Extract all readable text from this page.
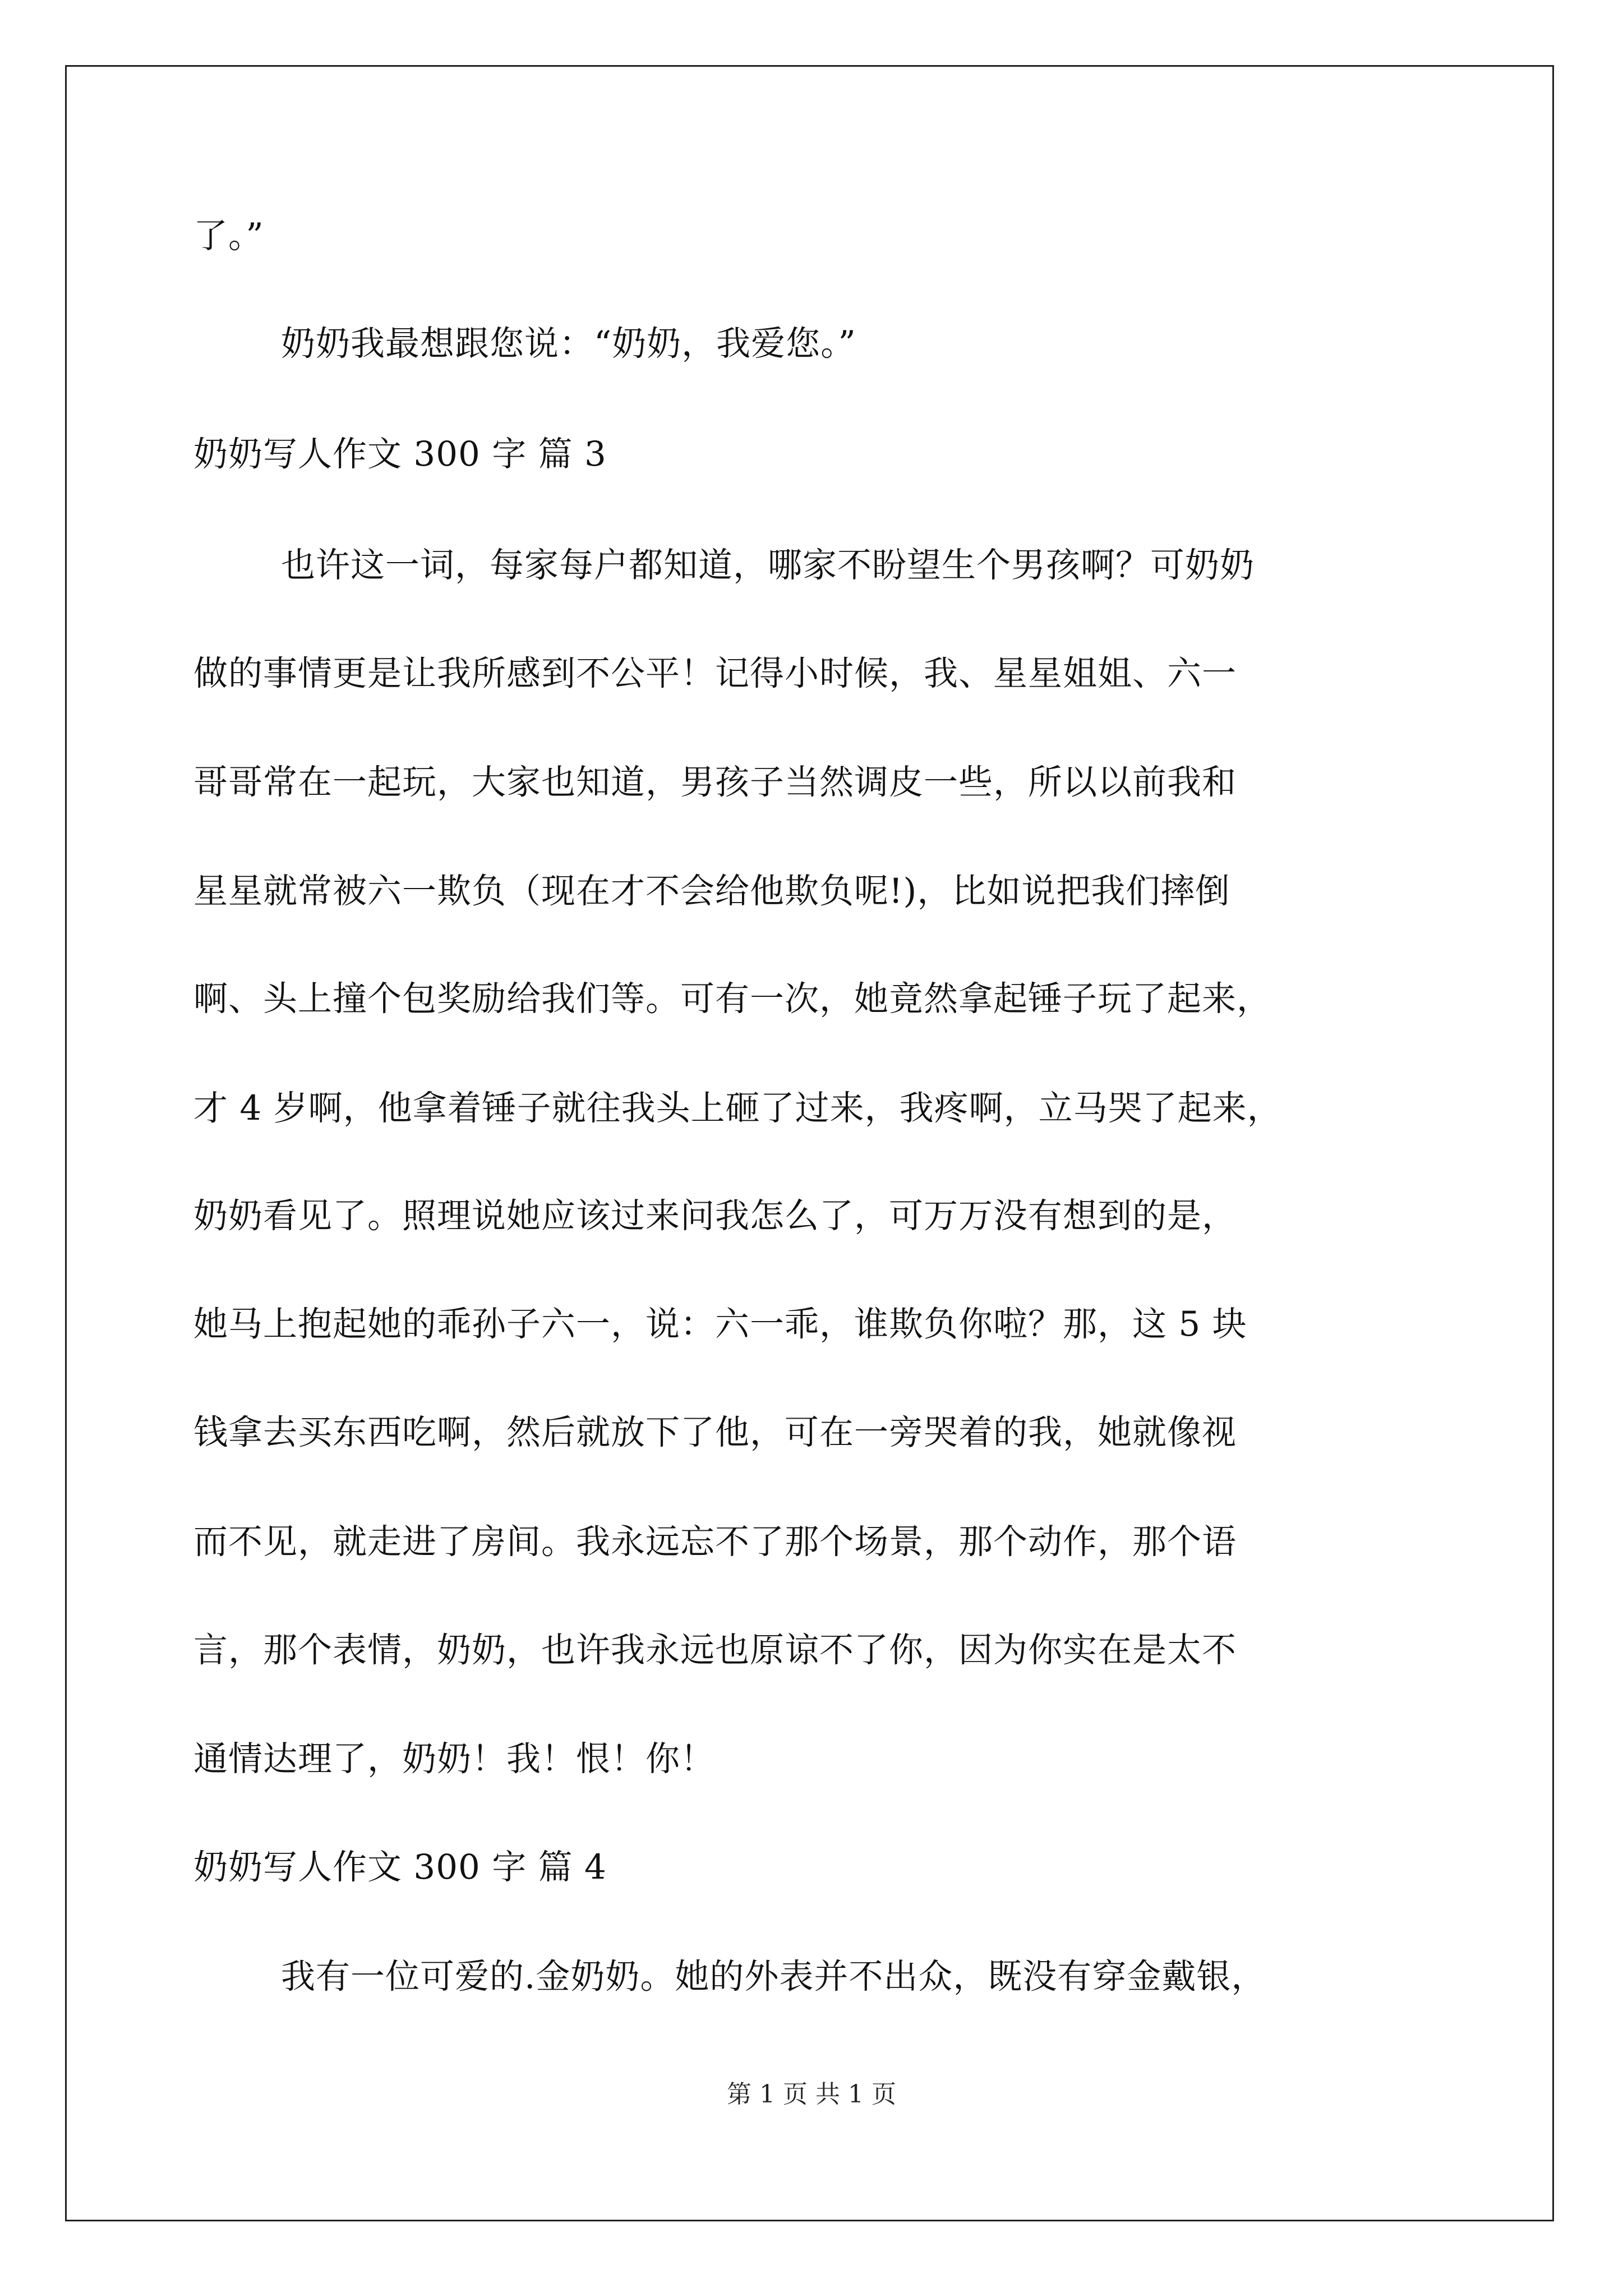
了。”
奶奶我最想跟您说：“奶奶，我爱您。”
奶奶写人作文 300 字 篇 3
也许这一词，每家每户都知道，哪家不盼望生个男孩啊？可奶奶
做的事情更是让我所感到不公平！记得小时候，我、星星姐姐、六一
哥哥常在一起玩，大家也知道，男孩子当然调皮一些，所以以前我和
星星就常被六一欺负（现在才不会给他欺负呢!)，比如说把我们摔倒
啊、头上撞个包奖励给我们等。可有一次，她竟然拿起锤子玩了起来，
才 4 岁啊，他拿着锤子就往我头上砸了过来，我疼啊，立马哭了起来，
奶奶看见了。照理说她应该过来问我怎么了，可万万没有想到的是，
她马上抱起她的乖孙子六一，说：六一乖，谁欺负你啦？那，这 5 块
钱拿去买东西吃啊，然后就放下了他，可在一旁哭着的我，她就像视
而不见，就走进了房间。我永远忘不了那个场景，那个动作，那个语
言，那个表情，奶奶，也许我永远也原谅不了你，因为你实在是太不
通情达理了，奶奶！我！恨！你！
奶奶写人作文 300 字 篇 4
我有一位可爱的.金奶奶。她的外表并不出众，既没有穿金戴银，
第 1 页 共 1 页
